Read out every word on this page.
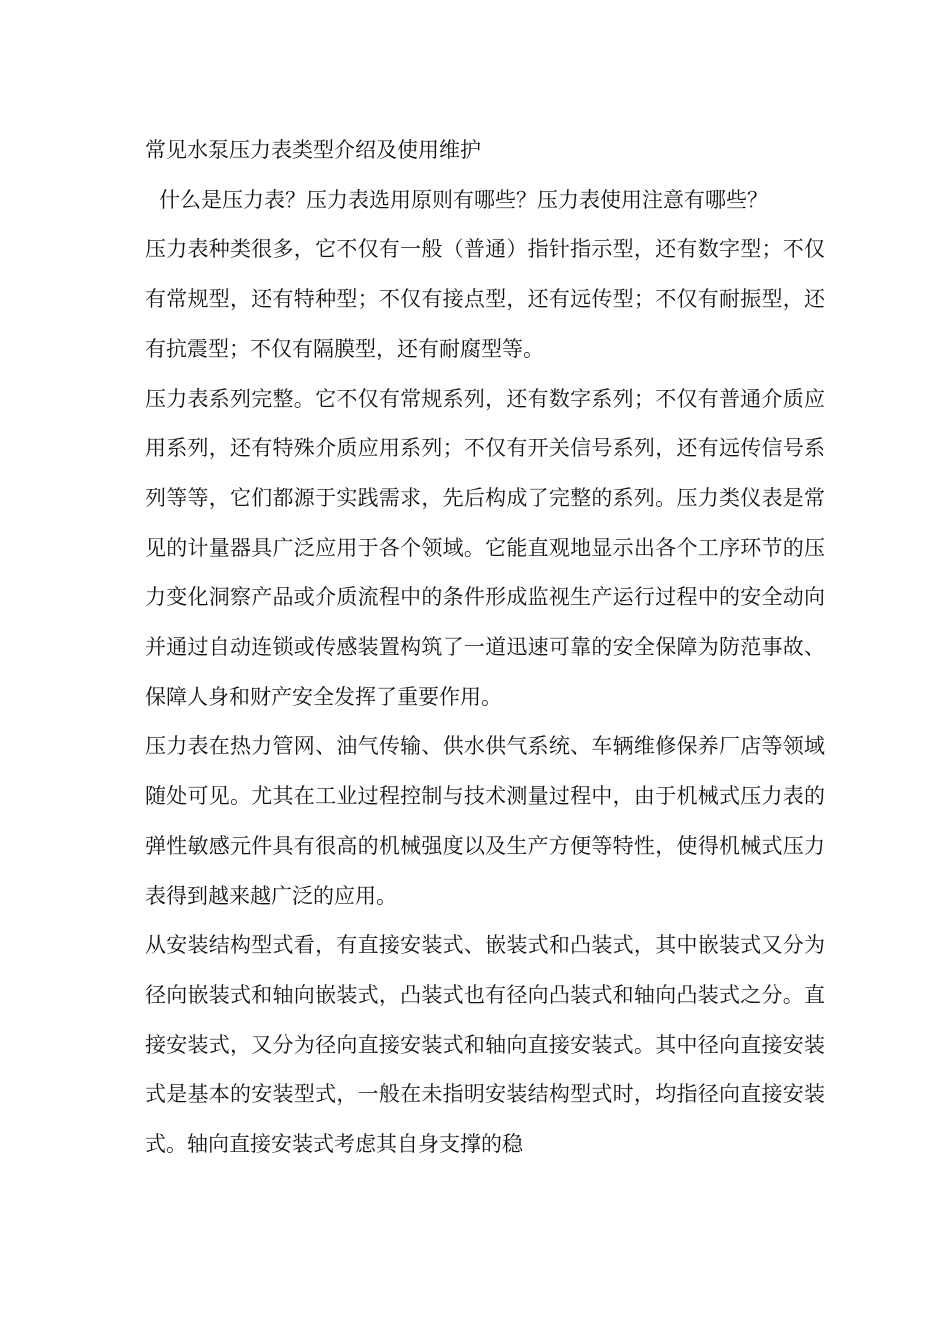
常见水泵压力表类型介绍及使用维护

什么是压力表？压力表选用原则有哪些？压力表使用注意有哪些？

压力表种类很多，它不仅有一般（普通）指针指示型，还有数字型；不仅有常规型，还有特种型；不仅有接点型，还有远传型；不仅有耐振型，还有抗震型；不仅有隔膜型，还有耐腐型等。

压力表系列完整。它不仅有常规系列，还有数字系列；不仅有普通介质应用系列，还有特殊介质应用系列；不仅有开关信号系列，还有远传信号系列等等，它们都源于实践需求，先后构成了完整的系列。压力类仪表是常见的计量器具广泛应用于各个领域。它能直观地显示出各个工序环节的压力变化洞察产品或介质流程中的条件形成监视生产运行过程中的安全动向并通过自动连锁或传感装置构筑了一道迅速可靠的安全保障为防范事故、保障人身和财产安全发挥了重要作用。

压力表在热力管网、油气传输、供水供气系统、车辆维修保养厂店等领域随处可见。尤其在工业过程控制与技术测量过程中，由于机械式压力表的弹性敏感元件具有很高的机械强度以及生产方便等特性，使得机械式压力表得到越来越广泛的应用。

从安装结构型式看，有直接安装式、嵌装式和凸装式，其中嵌装式又分为径向嵌装式和轴向嵌装式，凸装式也有径向凸装式和轴向凸装式之分。直接安装式，又分为径向直接安装式和轴向直接安装式。其中径向直接安装式是基本的安装型式，一般在未指明安装结构型式时，均指径向直接安装式。轴向直接安装式考虑其自身支撑的稳
